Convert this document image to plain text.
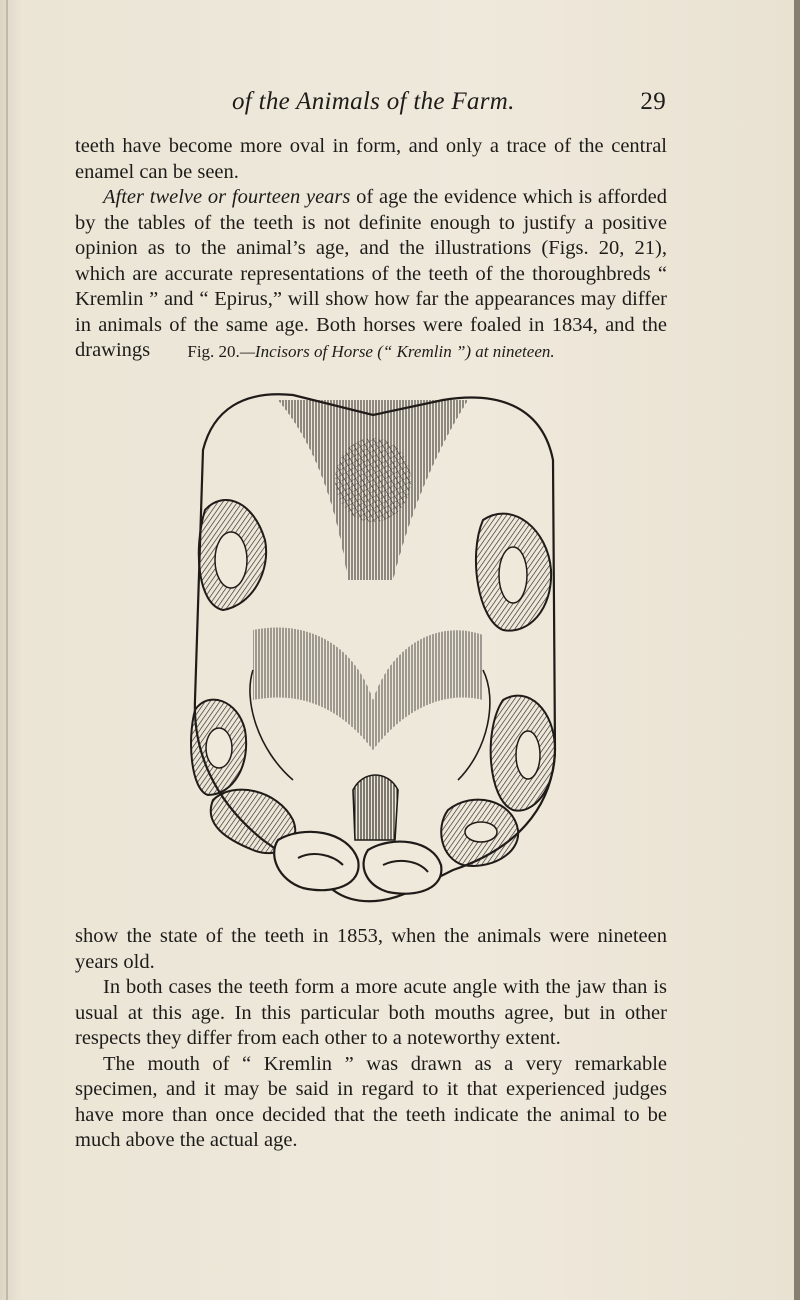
of the Animals of the Farm.	29

teeth have become more oval in form, and only a trace of the central enamel can be seen.

After twelve or fourteen years of age the evidence which is afforded by the tables of the teeth is not definite enough to justify a positive opinion as to the animal’s age, and the illustrations (Figs. 20, 21), which are accurate representations of the teeth of the thoroughbreds “ Kremlin ” and “ Epirus,” will show how far the appearances may differ in animals of the same age. Both horses were foaled in 1834, and the drawings	Fig. 20.—Incisors of Horse (“ Kremlin ”) at nineteen.

show the state of the teeth in 1853, when the animals were nineteen years old.

In both cases the teeth form a more acute angle with the jaw than is usual at this age. In this particular both mouths agree, but in other respects they differ from each other to a noteworthy extent.

The mouth of “ Kremlin ” was drawn as a very remarkable specimen, and it may be said in regard to it that experienced judges have more than once decided that the teeth indicate the animal to be much above the actual age.
